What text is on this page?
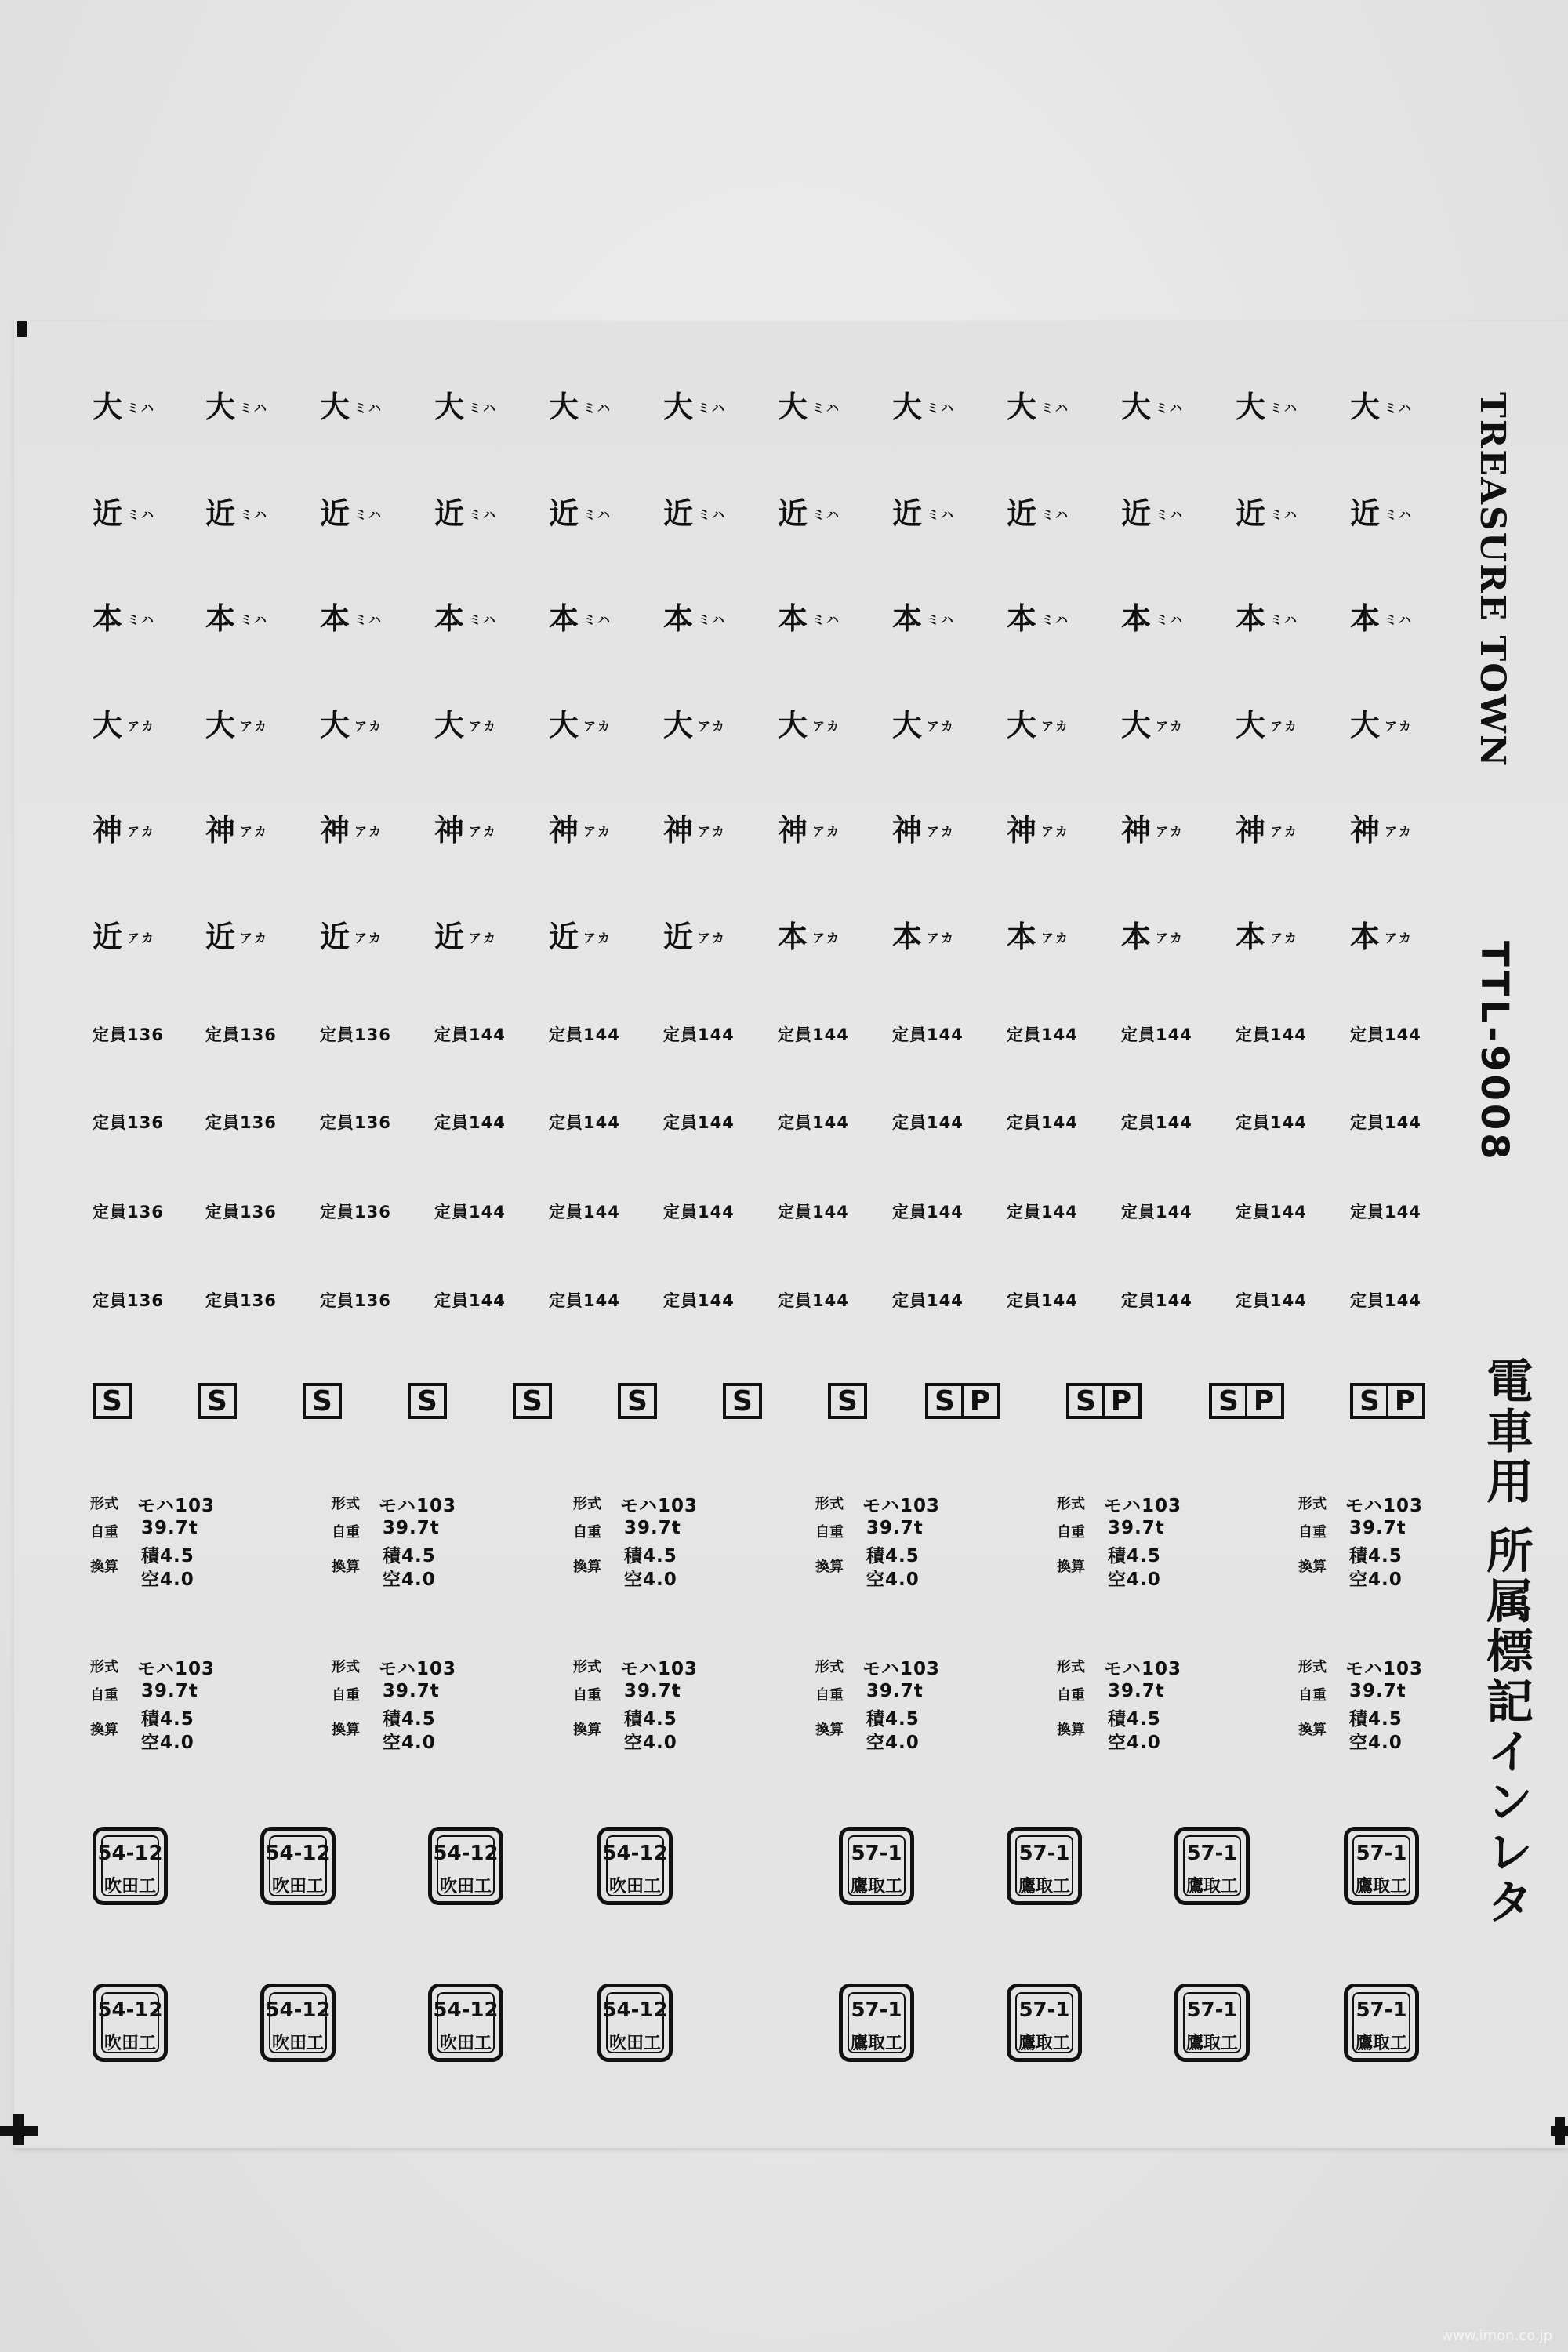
大ミハ 大ミハ 大ミハ 大ミハ 大ミハ 大ミハ 大ミハ 大ミハ 大ミハ 大ミハ 大ミハ 大ミハ
近ミハ 近ミハ 近ミハ 近ミハ 近ミハ 近ミハ 近ミハ 近ミハ 近ミハ 近ミハ 近ミハ 近ミハ
本ミハ 本ミハ 本ミハ 本ミハ 本ミハ 本ミハ 本ミハ 本ミハ 本ミハ 本ミハ 本ミハ 本ミハ
大アカ 大アカ 大アカ 大アカ 大アカ 大アカ 大アカ 大アカ 大アカ 大アカ 大アカ 大アカ
神アカ 神アカ 神アカ 神アカ 神アカ 神アカ 神アカ 神アカ 神アカ 神アカ 神アカ 神アカ
近アカ 近アカ 近アカ 近アカ 近アカ 近アカ 本アカ 本アカ 本アカ 本アカ 本アカ 本アカ
定員136	定員136	定員136	定員144	定員144	定員144	定員144	定員144	定員144	定員144	定員144	定員144
定員136	定員136	定員136	定員144	定員144	定員144	定員144	定員144	定員144	定員144	定員144	定員144
定員136	定員136	定員136	定員144	定員144	定員144	定員144	定員144	定員144	定員144	定員144	定員144
定員136	定員136	定員136	定員144	定員144	定員144	定員144	定員144	定員144	定員144	定員144	定員144
S	S	S	S	S	S	S	S	S P	S P	S P	S P
形式 モハ103
自重 39.7t
換算
積4.5
空4.0
形式 モハ103
自重 39.7t
換算
積4.5
空4.0
形式 モハ103
自重 39.7t
換算
積4.5
空4.0
形式 モハ103
自重 39.7t
換算
積4.5
空4.0
形式 モハ103
自重 39.7t
換算
積4.5
空4.0
形式 モハ103
自重 39.7t
換算
積4.5
空4.0
形式 モハ103
自重 39.7t
換算
積4.5
空4.0
形式 モハ103
自重 39.7t
換算
積4.5
空4.0
形式 モハ103
自重 39.7t
換算
積4.5
空4.0
形式 モハ103
自重 39.7t
換算
積4.5
空4.0
形式 モハ103
自重 39.7t
換算
積4.5
空4.0
形式 モハ103
自重 39.7t
換算
積4.5
空4.0
54-12
吹田工
54-12
吹田工
54-12
吹田工
54-12
吹田工
57-1
鷹取工
57-1
鷹取工
57-1
鷹取工
57-1
鷹取工
54-12
吹田工
54-12
吹田工
54-12
吹田工
54-12
吹田工
57-1
鷹取工
57-1
鷹取工
57-1
鷹取工
57-1
鷹取工
TREASURE TOWN
TTL-9008
電車用 所属標記インレタ
www.imon.co.jp
